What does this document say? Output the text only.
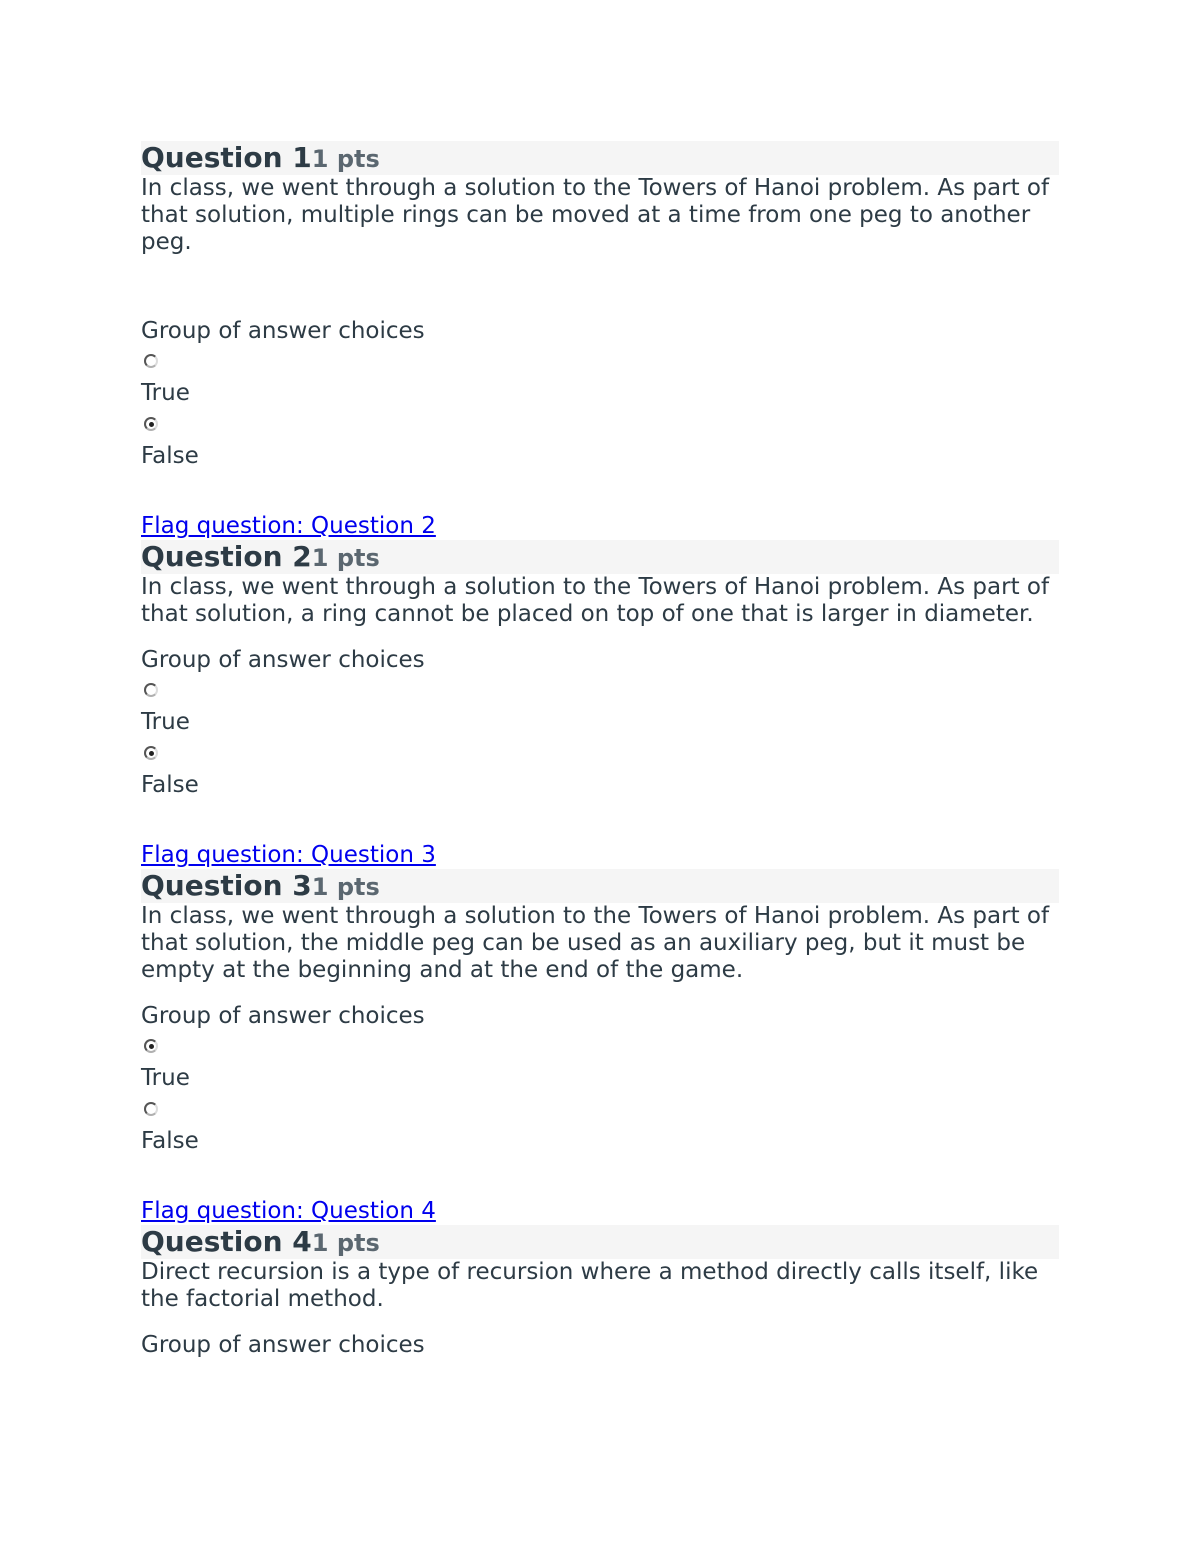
Question 11 pts

In class, we went through a solution to the Towers of Hanoi problem. As part of that solution, multiple rings can be moved at a time from one peg to another peg.

Group of answer choices
True
False
Flag question: Question 2
Question 21 pts

In class, we went through a solution to the Towers of Hanoi problem. As part of that solution, a ring cannot be placed on top of one that is larger in diameter.

Group of answer choices
True
False
Flag question: Question 3
Question 31 pts

In class, we went through a solution to the Towers of Hanoi problem. As part of that solution, the middle peg can be used as an auxiliary peg, but it must be empty at the beginning and at the end of the game.

Group of answer choices
True
False
Flag question: Question 4
Question 41 pts

Direct recursion is a type of recursion where a method directly calls itself, like the factorial method.

Group of answer choices
